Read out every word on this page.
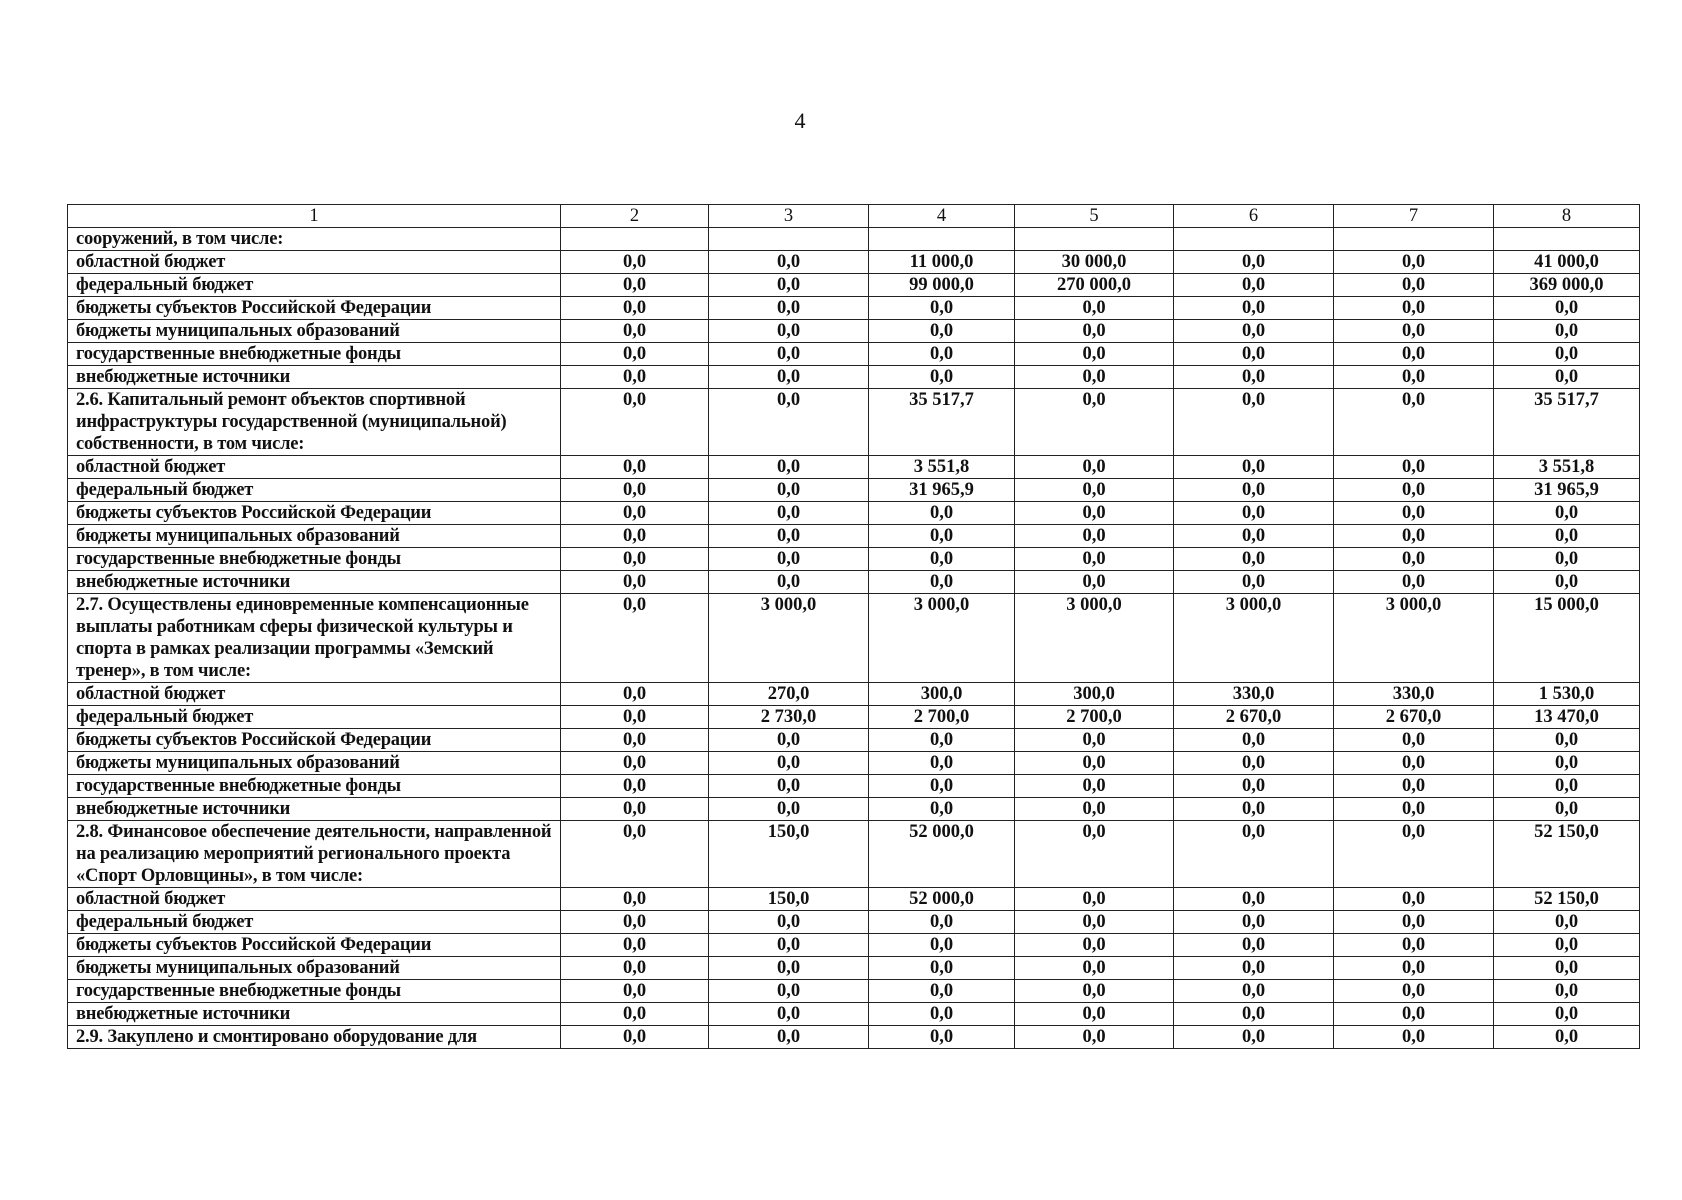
4
1	2	3	4	5	6	7	8
сооружений, в том числе:							
областной бюджет	0,0	0,0	11 000,0	30 000,0	0,0	0,0	41 000,0
федеральный бюджет	0,0	0,0	99 000,0	270 000,0	0,0	0,0	369 000,0
бюджеты субъектов Российской Федерации	0,0	0,0	0,0	0,0	0,0	0,0	0,0
бюджеты муниципальных образований	0,0	0,0	0,0	0,0	0,0	0,0	0,0
государственные внебюджетные фонды	0,0	0,0	0,0	0,0	0,0	0,0	0,0
внебюджетные источники	0,0	0,0	0,0	0,0	0,0	0,0	0,0
2.6. Капитальный ремонт объектов спортивной инфраструктуры государственной (муниципальной) собственности, в том числе:	0,0	0,0	35 517,7	0,0	0,0	0,0	35 517,7
областной бюджет	0,0	0,0	3 551,8	0,0	0,0	0,0	3 551,8
федеральный бюджет	0,0	0,0	31 965,9	0,0	0,0	0,0	31 965,9
бюджеты субъектов Российской Федерации	0,0	0,0	0,0	0,0	0,0	0,0	0,0
бюджеты муниципальных образований	0,0	0,0	0,0	0,0	0,0	0,0	0,0
государственные внебюджетные фонды	0,0	0,0	0,0	0,0	0,0	0,0	0,0
внебюджетные источники	0,0	0,0	0,0	0,0	0,0	0,0	0,0
2.7. Осуществлены единовременные компенсационные выплаты работникам сферы физической культуры и спорта в рамках реализации программы «Земский тренер», в том числе:	0,0	3 000,0	3 000,0	3 000,0	3 000,0	3 000,0	15 000,0
областной бюджет	0,0	270,0	300,0	300,0	330,0	330,0	1 530,0
федеральный бюджет	0,0	2 730,0	2 700,0	2 700,0	2 670,0	2 670,0	13 470,0
бюджеты субъектов Российской Федерации	0,0	0,0	0,0	0,0	0,0	0,0	0,0
бюджеты муниципальных образований	0,0	0,0	0,0	0,0	0,0	0,0	0,0
государственные внебюджетные фонды	0,0	0,0	0,0	0,0	0,0	0,0	0,0
внебюджетные источники	0,0	0,0	0,0	0,0	0,0	0,0	0,0
2.8. Финансовое обеспечение деятельности, направленной на реализацию мероприятий регионального проекта «Спорт Орловщины», в том числе:	0,0	150,0	52 000,0	0,0	0,0	0,0	52 150,0
областной бюджет	0,0	150,0	52 000,0	0,0	0,0	0,0	52 150,0
федеральный бюджет	0,0	0,0	0,0	0,0	0,0	0,0	0,0
бюджеты субъектов Российской Федерации	0,0	0,0	0,0	0,0	0,0	0,0	0,0
бюджеты муниципальных образований	0,0	0,0	0,0	0,0	0,0	0,0	0,0
государственные внебюджетные фонды	0,0	0,0	0,0	0,0	0,0	0,0	0,0
внебюджетные источники	0,0	0,0	0,0	0,0	0,0	0,0	0,0
2.9. Закуплено и смонтировано оборудование для	0,0	0,0	0,0	0,0	0,0	0,0	0,0
